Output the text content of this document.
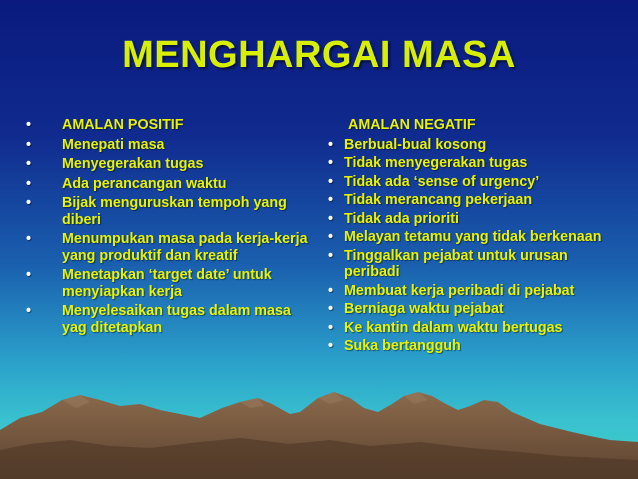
MENGHARGAI MASA
• AMALAN POSITIF
• Menepati masa
• Menyegerakan tugas
• Ada perancangan waktu
• Bijak menguruskan tempoh yang diberi
• Menumpukan masa pada kerja-kerja yang produktif dan kreatif
• Menetapkan ‘target date’ untuk menyiapkan kerja
• Menyelesaikan tugas dalam masa yag ditetapkan
AMALAN NEGATIF
• Berbual-bual kosong
• Tidak menyegerakan tugas
• Tidak ada ‘sense of urgency’
• Tidak merancang pekerjaan
• Tidak ada prioriti
• Melayan tetamu yang tidak berkenaan
• Tinggalkan pejabat untuk urusan peribadi
• Membuat kerja peribadi di pejabat
• Berniaga waktu pejabat
• Ke kantin dalam waktu bertugas
• Suka bertangguh
